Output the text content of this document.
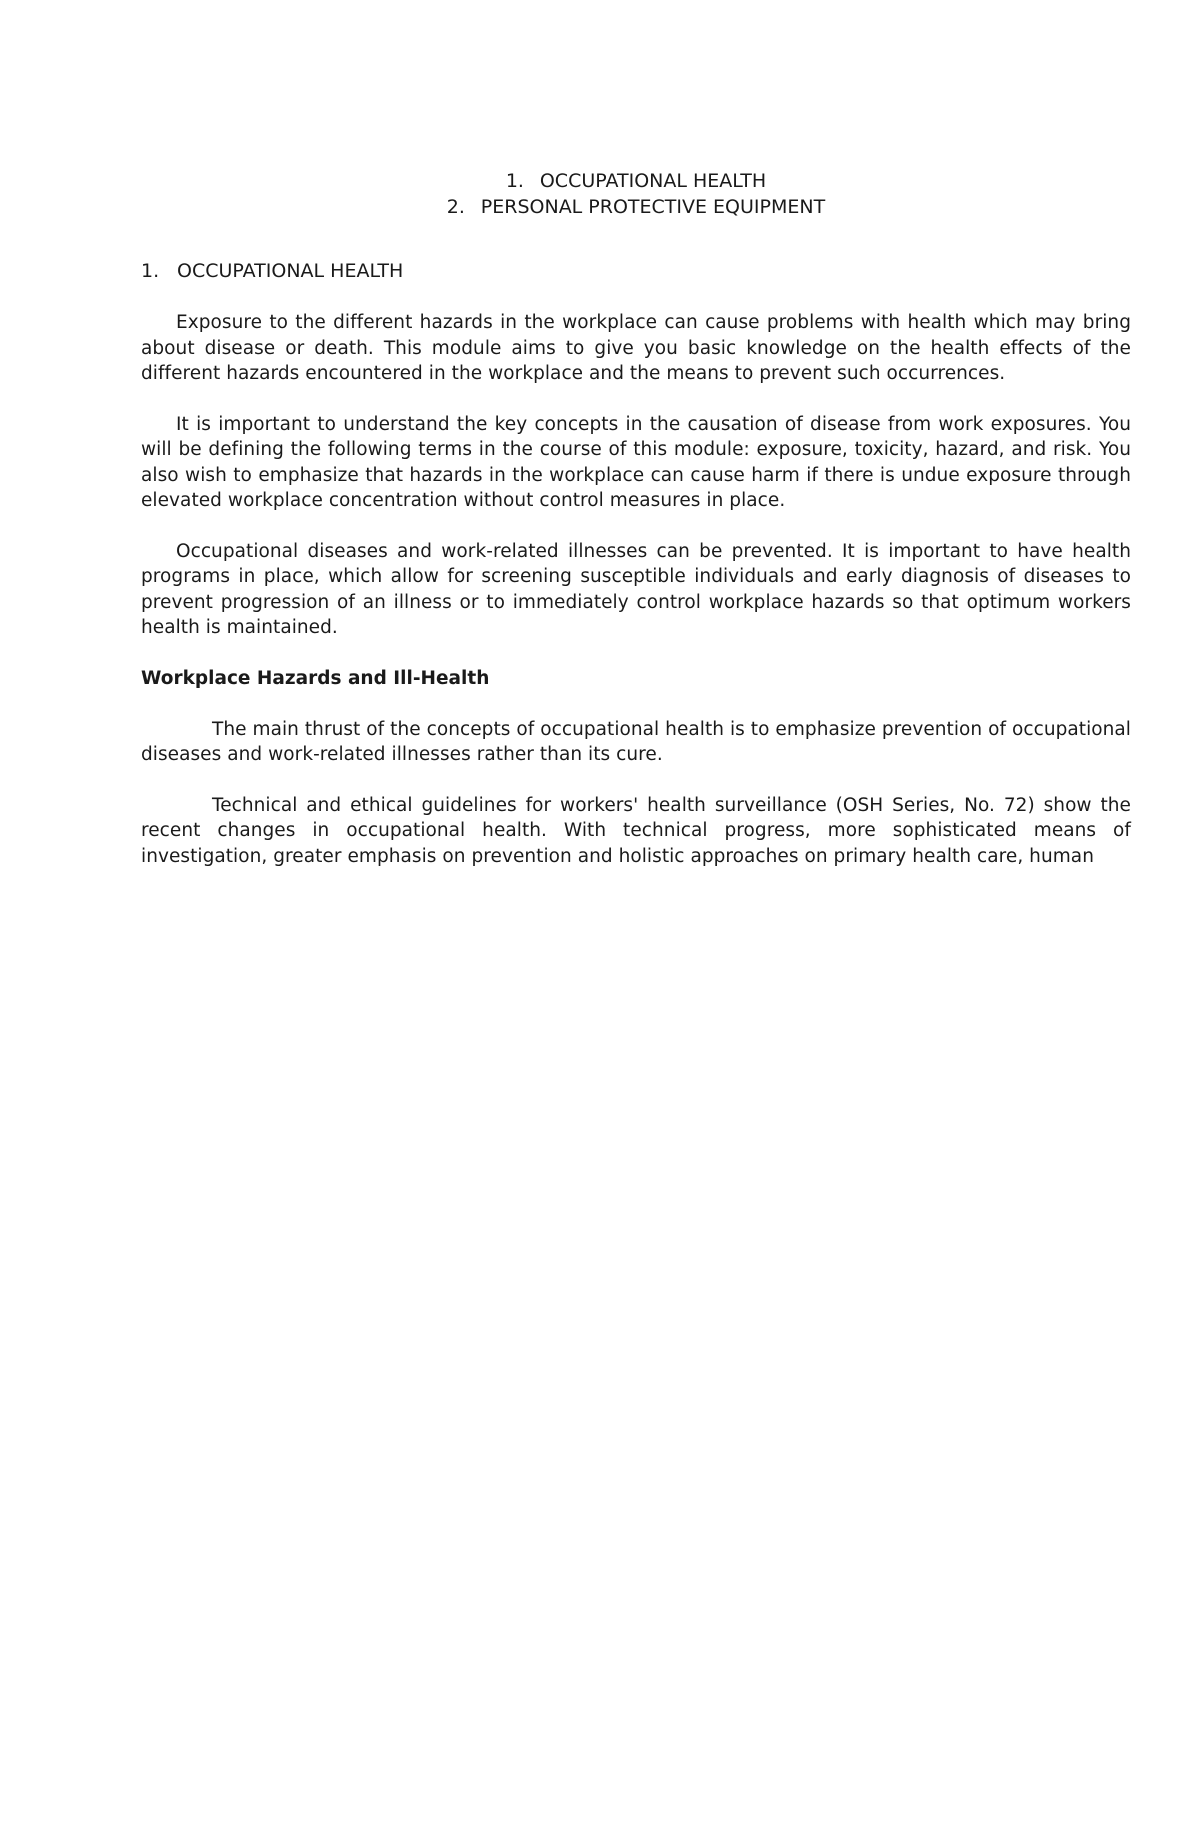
1. OCCUPATIONAL HEALTH
2. PERSONAL PROTECTIVE EQUIPMENT
1. OCCUPATIONAL HEALTH

Exposure to the different hazards in the workplace can cause problems with health which may bring about disease or death. This module aims to give you basic knowledge on the health effects of the different hazards encountered in the workplace and the means to prevent such occurrences.

It is important to understand the key concepts in the causation of disease from work exposures. You will be defining the following terms in the course of this module: exposure, toxicity, hazard, and risk. You also wish to emphasize that hazards in the workplace can cause harm if there is undue exposure through elevated workplace concentration without control measures in place.

Occupational diseases and work-related illnesses can be prevented. It is important to have health programs in place, which allow for screening susceptible individuals and early diagnosis of diseases to prevent progression of an illness or to immediately control workplace hazards so that optimum workers health is maintained.

Workplace Hazards and Ill-Health

The main thrust of the concepts of occupational health is to emphasize prevention of occupational diseases and work-related illnesses rather than its cure.

Technical and ethical guidelines for workers' health surveillance (OSH Series, No. 72) show the recent changes in occupational health. With technical progress, more sophisticated means of investigation, greater emphasis on prevention and holistic approaches on primary health care, human
